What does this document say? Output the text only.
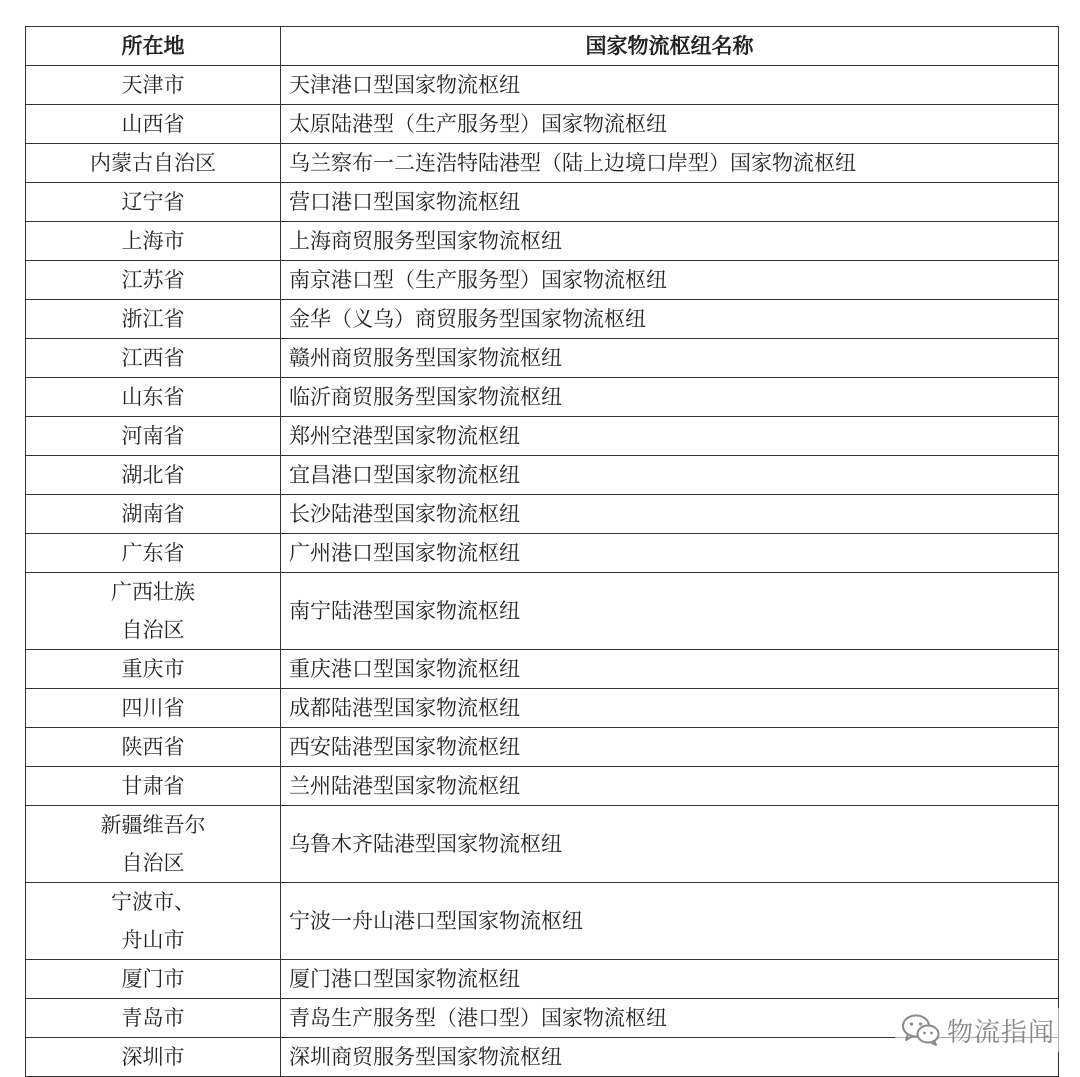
所在地	国家物流枢纽名称

天津市	天津港口型国家物流枢纽

山西省	太原陆港型（生产服务型）国家物流枢纽

内蒙古自治区	乌兰察布一二连浩特陆港型（陆上边境口岸型）国家物流枢纽

辽宁省	营口港口型国家物流枢纽

上海市	上海商贸服务型国家物流枢纽

江苏省	南京港口型（生产服务型）国家物流枢纽

浙江省	金华（义乌）商贸服务型国家物流枢纽

江西省	赣州商贸服务型国家物流枢纽

山东省	临沂商贸服务型国家物流枢纽

河南省	郑州空港型国家物流枢纽

湖北省	宜昌港口型国家物流枢纽

湖南省	长沙陆港型国家物流枢纽

广东省	广州港口型国家物流枢纽

广西壮族
自治区	南宁陆港型国家物流枢纽

重庆市	重庆港口型国家物流枢纽

四川省	成都陆港型国家物流枢纽

陕西省	西安陆港型国家物流枢纽

甘肃省	兰州陆港型国家物流枢纽

新疆维吾尔
自治区	乌鲁木齐陆港型国家物流枢纽

宁波市、
舟山市	宁波一舟山港口型国家物流枢纽

厦门市	厦门港口型国家物流枢纽

青岛市	青岛生产服务型（港口型）国家物流枢纽

深圳市	深圳商贸服务型国家物流枢纽
物流指闻
